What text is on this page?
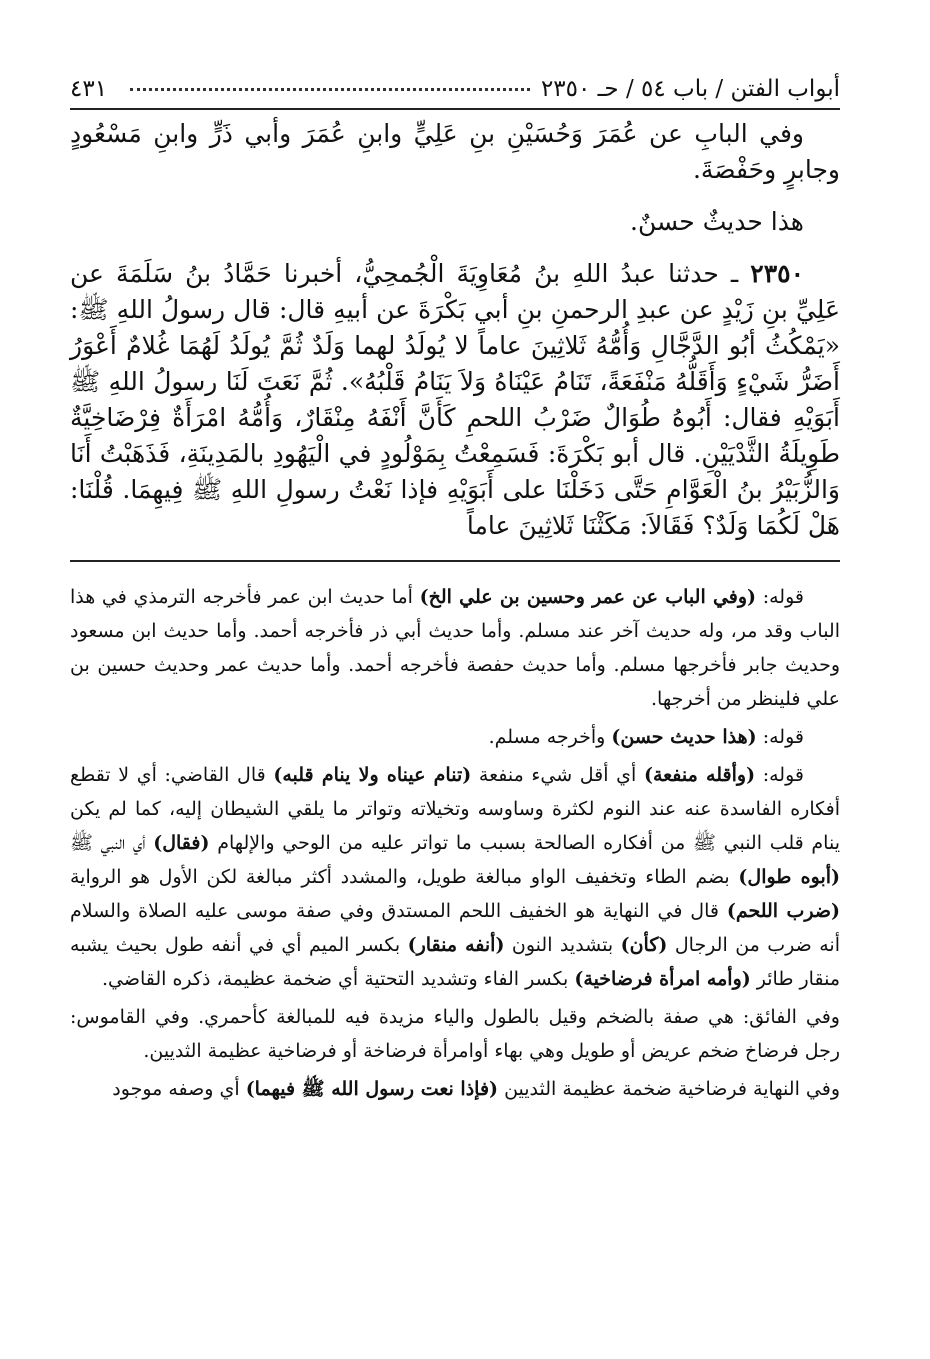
أبواب الفتن / باب ٥٤ / حـ ٢٣٥٠
٤٣١

وفي البابِ عن عُمَرَ وَحُسَيْنِ بنِ عَلِيٍّ وابنِ عُمَرَ وأبي ذَرٍّ وابنِ مَسْعُودٍ وجابرٍ وحَفْصَةَ.

هذا حديثٌ حسنٌ.

٢٣٥٠ ـ حدثنا عبدُ اللهِ بنُ مُعَاوِيَةَ الْجُمحِيُّ، أخبرنا حَمَّادُ بنُ سَلَمَةَ عن عَلِيِّ بنِ زَيْدٍ عن عبدِ الرحمنِ بنِ أبي بَكْرَةَ عن أبيهِ قال: قال رسولُ اللهِ ﷺ: «يَمْكُثُ أبُو الدَّجَّالِ وَأُمُّهُ ثَلاثِينَ عاماً لا يُولَدُ لهما وَلَدٌ ثُمَّ يُولَدُ لَهُمَا غُلامٌ أَعْوَرُ أَضَرُّ شَيْءٍ وَأَقَلُّهُ مَنْفَعَةً، تَنَامُ عَيْنَاهُ وَلاَ يَنَامُ قَلْبُهُ». ثُمَّ نَعَتَ لَنَا رسولُ اللهِ ﷺ أَبَوَيْهِ فقال: أَبُوهُ طُوَالٌ ضَرْبُ اللحمِ كَأَنَّ أَنْفَهُ مِنْقَارٌ، وَأُمُّهُ امْرَأَةٌ فِرْضَاخِيَّةٌ طَوِيلَةُ الثَّدْيَيْنِ. قال أبو بَكْرَةَ: فَسَمِعْتُ بِمَوْلُودٍ في الْيَهُودِ بالمَدِينَةِ، فَذَهَبْتُ أَنَا وَالزُّبَيْرُ بنُ الْعَوَّامِ حَتَّى دَخَلْنَا على أَبَوَيْهِ فإذا نَعْتُ رسولِ اللهِ ﷺ فِيهِمَا. قُلْنَا: هَلْ لَكُمَا وَلَدٌ؟ فَقَالاَ: مَكَثْنَا ثَلاثِينَ عاماً

قوله: (وفي الباب عن عمر وحسين بن علي الخ) أما حديث ابن عمر فأخرجه الترمذي في هذا الباب وقد مر، وله حديث آخر عند مسلم. وأما حديث أبي ذر فأخرجه أحمد. وأما حديث ابن مسعود وحديث جابر فأخرجها مسلم. وأما حديث حفصة فأخرجه أحمد. وأما حديث عمر وحديث حسين بن علي فلينظر من أخرجها.

قوله: (هذا حديث حسن) وأخرجه مسلم.

قوله: (وأقله منفعة) أي أقل شيء منفعة (تنام عيناه ولا ينام قلبه) قال القاضي: أي لا تقطع أفكاره الفاسدة عنه عند النوم لكثرة وساوسه وتخيلاته وتواتر ما يلقي الشيطان إليه، كما لم يكن ينام قلب النبي ﷺ من أفكاره الصالحة بسبب ما تواتر عليه من الوحي والإلهام (فقال) أي النبي ﷺ (أبوه طوال) بضم الطاء وتخفيف الواو مبالغة طويل، والمشدد أكثر مبالغة لكن الأول هو الرواية (ضرب اللحم) قال في النهاية هو الخفيف اللحم المستدق وفي صفة موسى عليه الصلاة والسلام أنه ضرب من الرجال (كأن) بتشديد النون (أنفه منقار) بكسر الميم أي في أنفه طول بحيث يشبه منقار طائر (وأمه امرأة فرضاخية) بكسر الفاء وتشديد التحتية أي ضخمة عظيمة، ذكره القاضي.

وفي الفائق: هي صفة بالضخم وقيل بالطول والياء مزيدة فيه للمبالغة كأحمري. وفي القاموس: رجل فرضاخ ضخم عريض أو طويل وهي بهاء أوامرأة فرضاخة أو فرضاخية عظيمة الثديين.

وفي النهاية فرضاخية ضخمة عظيمة الثديين (فإذا نعت رسول الله ﷺ فيهما) أي وصفه موجود
